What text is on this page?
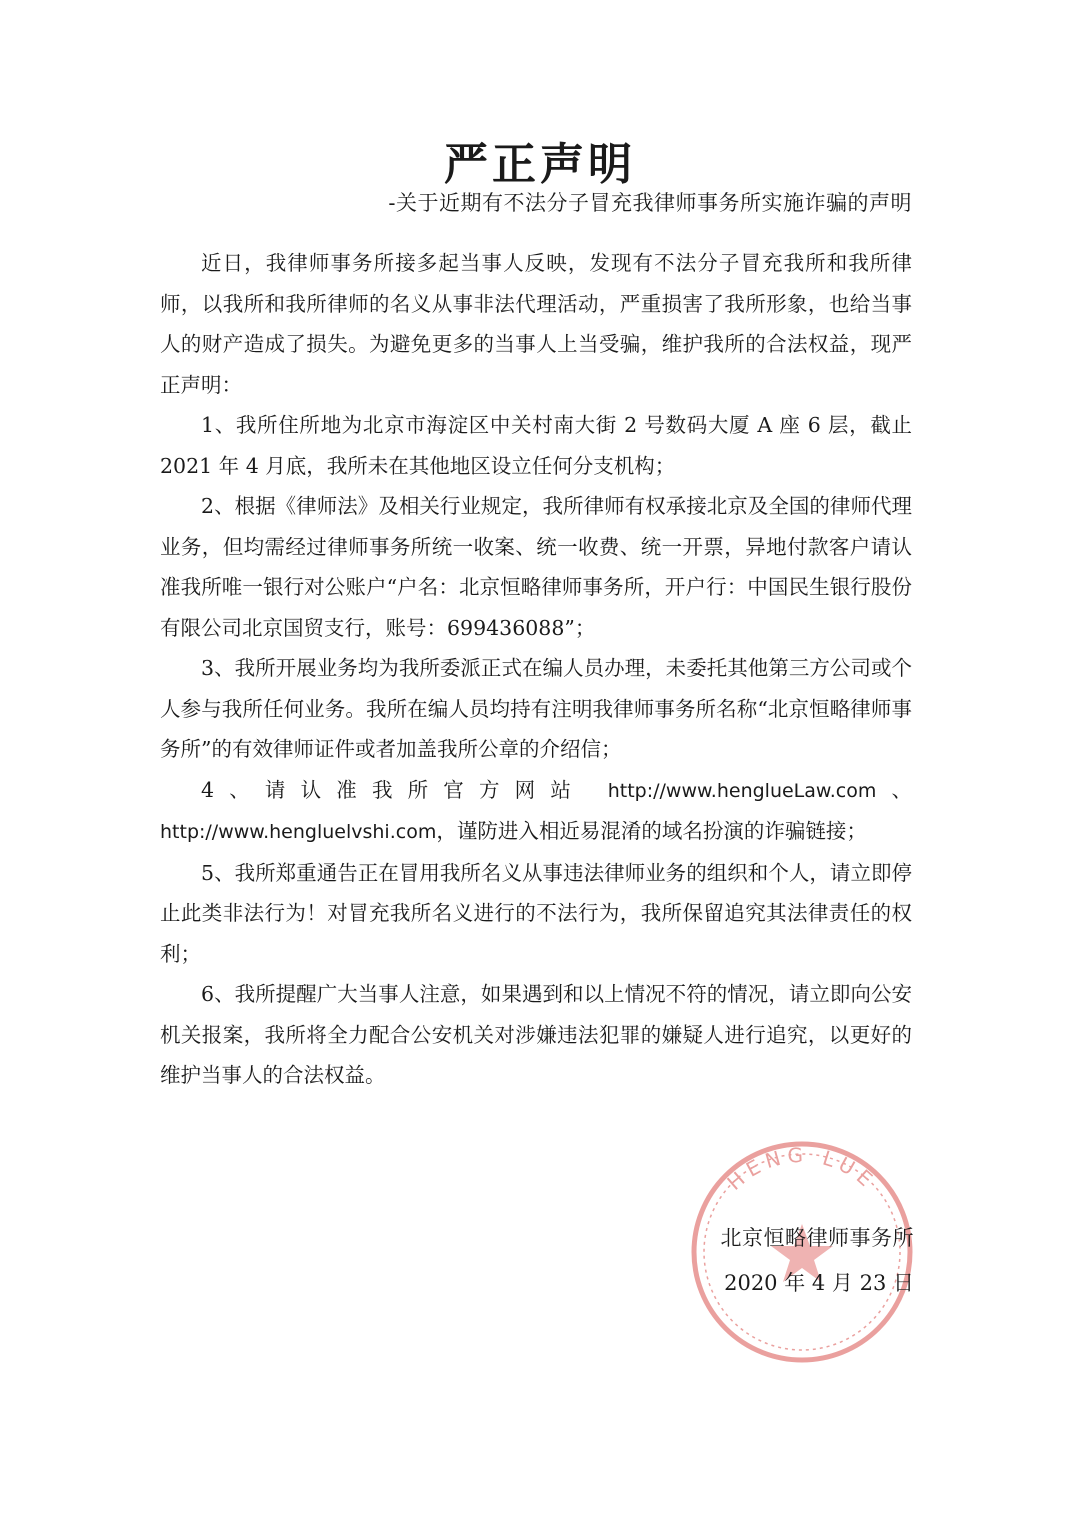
严正声明
-关于近期有不法分子冒充我律师事务所实施诈骗的声明

近日，我律师事务所接多起当事人反映，发现有不法分子冒充我所和我所律师，以我所和我所律师的名义从事非法代理活动，严重损害了我所形象，也给当事人的财产造成了损失。为避免更多的当事人上当受骗，维护我所的合法权益，现严正声明：

1、我所住所地为北京市海淀区中关村南大街 2 号数码大厦 A 座 6 层，截止 2021 年 4 月底，我所未在其他地区设立任何分支机构；

2、根据《律师法》及相关行业规定，我所律师有权承接北京及全国的律师代理业务，但均需经过律师事务所统一收案、统一收费、统一开票，异地付款客户请认准我所唯一银行对公账户“户名：北京恒略律师事务所，开户行：中国民生银行股份有限公司北京国贸支行，账号：699436088”；

3、我所开展业务均为我所委派正式在编人员办理，未委托其他第三方公司或个人参与我所任何业务。我所在编人员均持有注明我律师事务所名称“北京恒略律师事务所”的有效律师证件或者加盖我所公章的介绍信；

4、请认准我所官方网站 http://www.henglueLaw.com、 http://www.hengluelvshi.com，谨防进入相近易混淆的域名扮演的诈骗链接；

5、我所郑重通告正在冒用我所名义从事违法律师业务的组织和个人，请立即停止此类非法行为！对冒充我所名义进行的不法行为，我所保留追究其法律责任的权利；

6、我所提醒广大当事人注意，如果遇到和以上情况不符的情况，请立即向公安机关报案，我所将全力配合公安机关对涉嫌违法犯罪的嫌疑人进行追究，以更好的维护当事人的合法权益。

HENG LUE
北京恒略律师事务所
2020 年 4 月 23 日
